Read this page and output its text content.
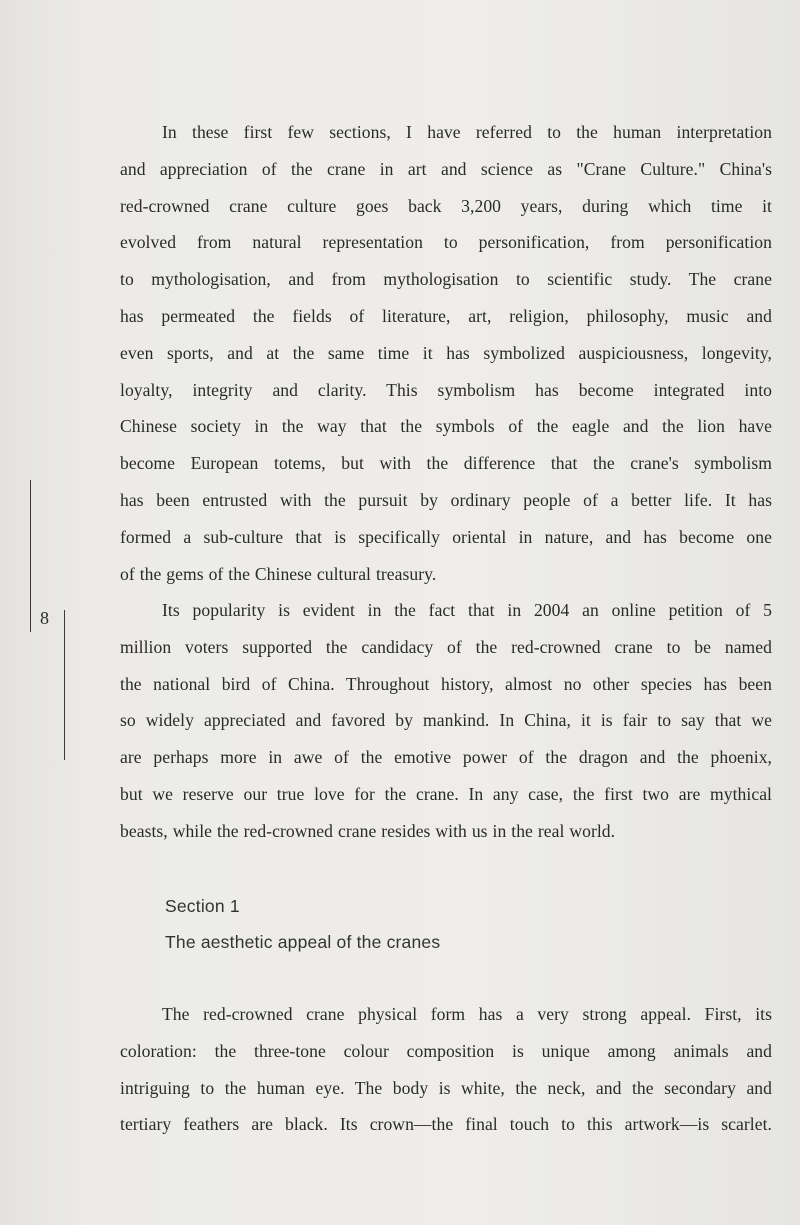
8
In these first few sections, I have referred to the human interpretation
and appreciation of the crane in art and science as "Crane Culture." China's
red-crowned crane culture goes back 3,200 years, during which time it
evolved from natural representation to personification, from personification
to mythologisation, and from mythologisation to scientific study. The crane
has permeated the fields of literature, art, religion, philosophy, music and
even sports, and at the same time it has symbolized auspiciousness, longevity,
loyalty, integrity and clarity. This symbolism has become integrated into
Chinese society in the way that the symbols of the eagle and the lion have
become European totems, but with the difference that the crane's symbolism
has been entrusted with the pursuit by ordinary people of a better life. It has
formed a sub-culture that is specifically oriental in nature, and has become one
of the gems of the Chinese cultural treasury.
Its popularity is evident in the fact that in 2004 an online petition of 5
million voters supported the candidacy of the red-crowned crane to be named
the national bird of China. Throughout history, almost no other species has been
so widely appreciated and favored by mankind. In China, it is fair to say that we
are perhaps more in awe of the emotive power of the dragon and the phoenix,
but we reserve our true love for the crane. In any case, the first two are mythical
beasts, while the red-crowned crane resides with us in the real world.
Section 1
The aesthetic appeal of the cranes
The red-crowned crane physical form has a very strong appeal. First, its
coloration: the three-tone colour composition is unique among animals and
intriguing to the human eye. The body is white, the neck, and the secondary and
tertiary feathers are black. Its crown—the final touch to this artwork—is scarlet.
